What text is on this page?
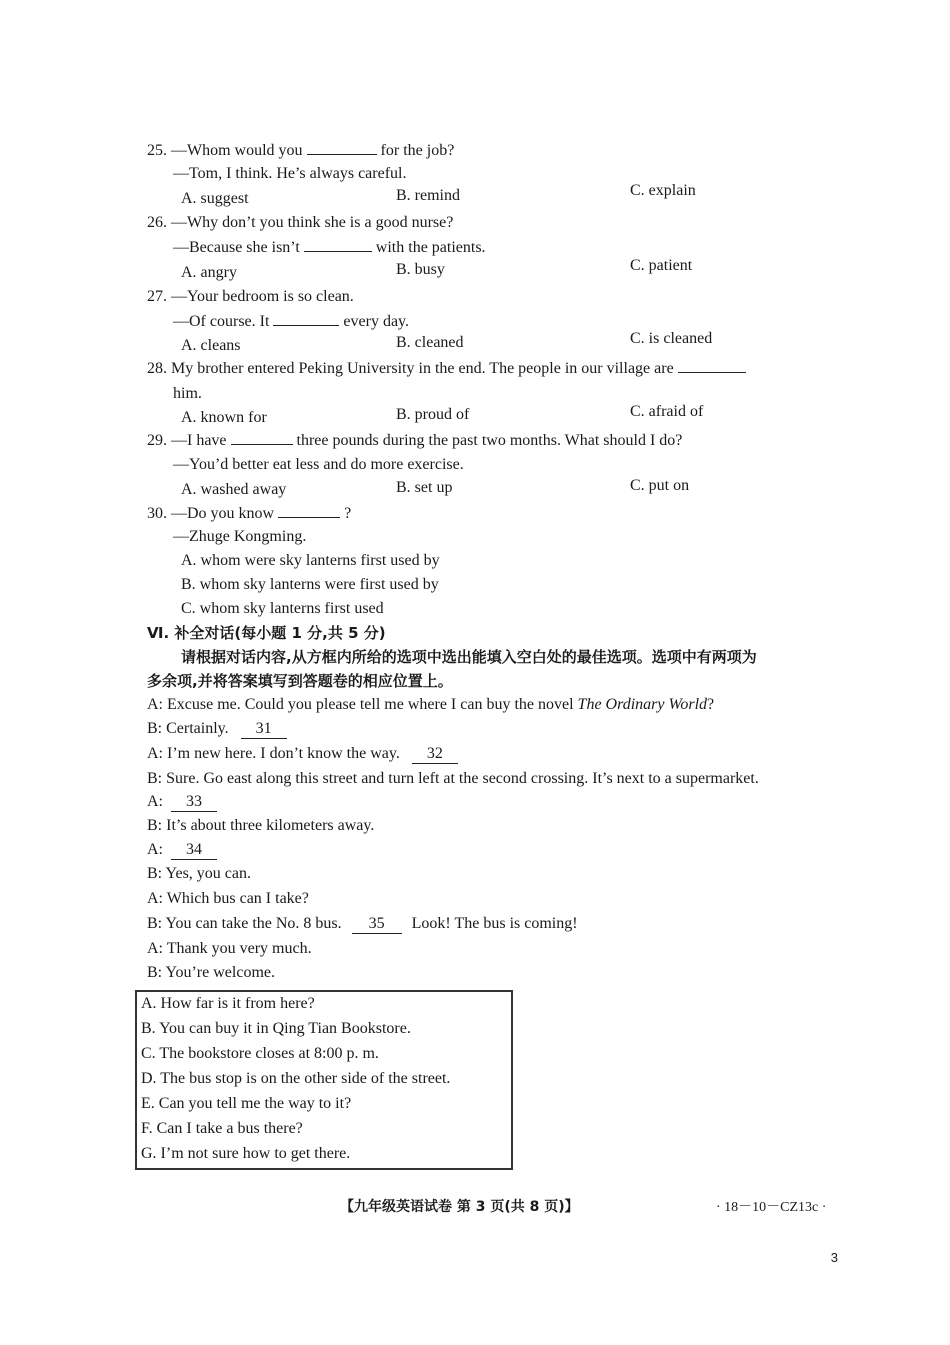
25. —Whom would you	for the job?
—Tom, I think. He’s always careful.
A. suggest	B. remind	C. explain
26. —Why don’t you think she is a good nurse?
—Because she isn’t	with the patients.
A. angry	B. busy	C. patient
27. —Your bedroom is so clean.
—Of course. It	every day.
A. cleans	B. cleaned	C. is cleaned
28. My brother entered Peking University in the end. The people in our village are
him.
A. known for	B. proud of	C. afraid of
29. —I have	three pounds during the past two months. What should I do?
—You’d better eat less and do more exercise.
A. washed away	B. set up	C. put on
30. —Do you know	?
—Zhuge Kongming.
A. whom were sky lanterns first used by
B. whom sky lanterns were first used by
C. whom sky lanterns first used
Ⅵ. 补全对话(每小题 1 分,共 5 分)
请根据对话内容,从方框内所给的选项中选出能填入空白处的最佳选项。选项中有两项为
多余项,并将答案填写到答题卷的相应位置上。
A: Excuse me. Could you please tell me where I can buy the novel The Ordinary World?
B: Certainly. 31
A: I’m new here. I don’t know the way. 32
B: Sure. Go east along this street and turn left at the second crossing. It’s next to a supermarket.
A: 33
B: It’s about three kilometers away.
A: 34
B: Yes, you can.
A: Which bus can I take?
B: You can take the No. 8 bus. 35 Look! The bus is coming!
A: Thank you very much.
B: You’re welcome.
A. How far is it from here?
B. You can buy it in Qing Tian Bookstore.
C. The bookstore closes at 8:00 p. m.
D. The bus stop is on the other side of the street.
E. Can you tell me the way to it?
F. Can I take a bus there?
G. I’m not sure how to get there.
【九年级英语试卷 第 3 页(共 8 页)】	· 18－10－CZ13c ·
3
